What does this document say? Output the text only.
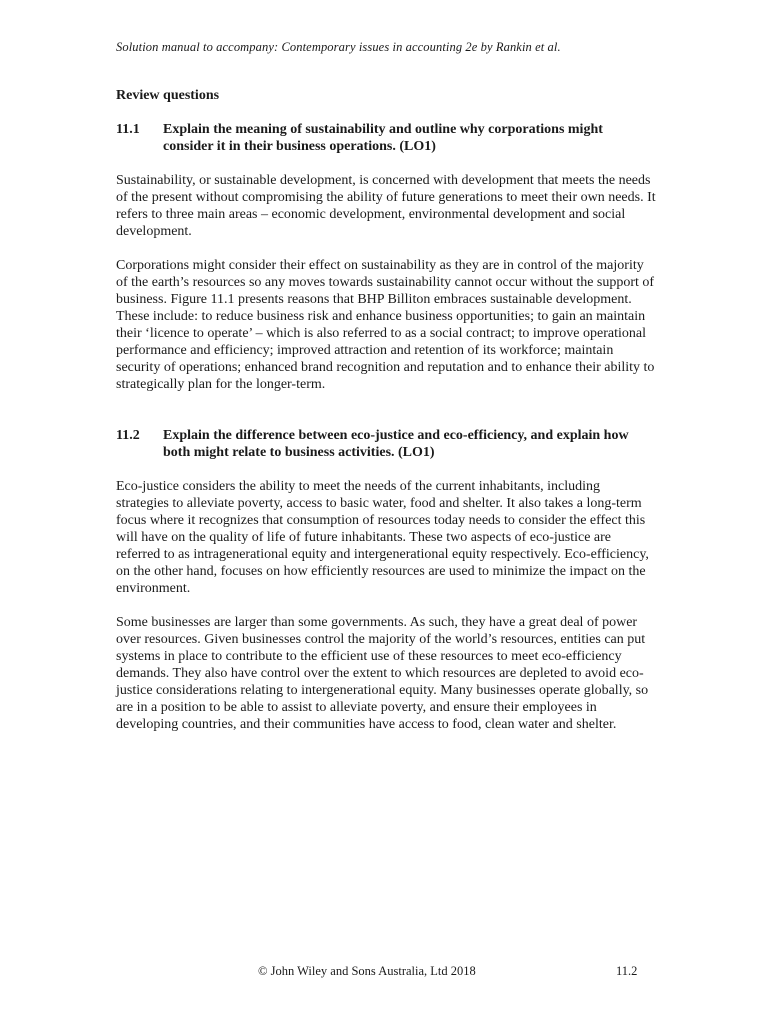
Solution manual to accompany: Contemporary issues in accounting 2e by Rankin et al.
Review questions
11.1	Explain the meaning of sustainability and outline why corporations might consider it in their business operations. (LO1)

Sustainability, or sustainable development, is concerned with development that meets the needs of the present without compromising the ability of future generations to meet their own needs. It refers to three main areas – economic development, environmental development and social development.

Corporations might consider their effect on sustainability as they are in control of the majority of the earth’s resources so any moves towards sustainability cannot occur without the support of business. Figure 11.1 presents reasons that BHP Billiton embraces sustainable development. These include: to reduce business risk and enhance business opportunities; to gain an maintain their ‘licence to operate’ – which is also referred to as a social contract; to improve operational performance and efficiency; improved attraction and retention of its workforce; maintain security of operations; enhanced brand recognition and reputation and to enhance their ability to strategically plan for the longer-term.

11.2	Explain the difference between eco-justice and eco-efficiency, and explain how both might relate to business activities. (LO1)

Eco-justice considers the ability to meet the needs of the current inhabitants, including strategies to alleviate poverty, access to basic water, food and shelter. It also takes a long-term focus where it recognizes that consumption of resources today needs to consider the effect this will have on the quality of life of future inhabitants. These two aspects of eco-justice are referred to as intragenerational equity and intergenerational equity respectively. Eco-efficiency, on the other hand, focuses on how efficiently resources are used to minimize the impact on the environment.

Some businesses are larger than some governments. As such, they have a great deal of power over resources. Given businesses control the majority of the world’s resources, entities can put systems in place to contribute to the efficient use of these resources to meet eco-efficiency demands. They also have control over the extent to which resources are depleted to avoid eco-justice considerations relating to intergenerational equity. Many businesses operate globally, so are in a position to be able to assist to alleviate poverty, and ensure their employees in developing countries, and their communities have access to food, clean water and shelter.

© John Wiley and Sons Australia, Ltd 2018	11.2
